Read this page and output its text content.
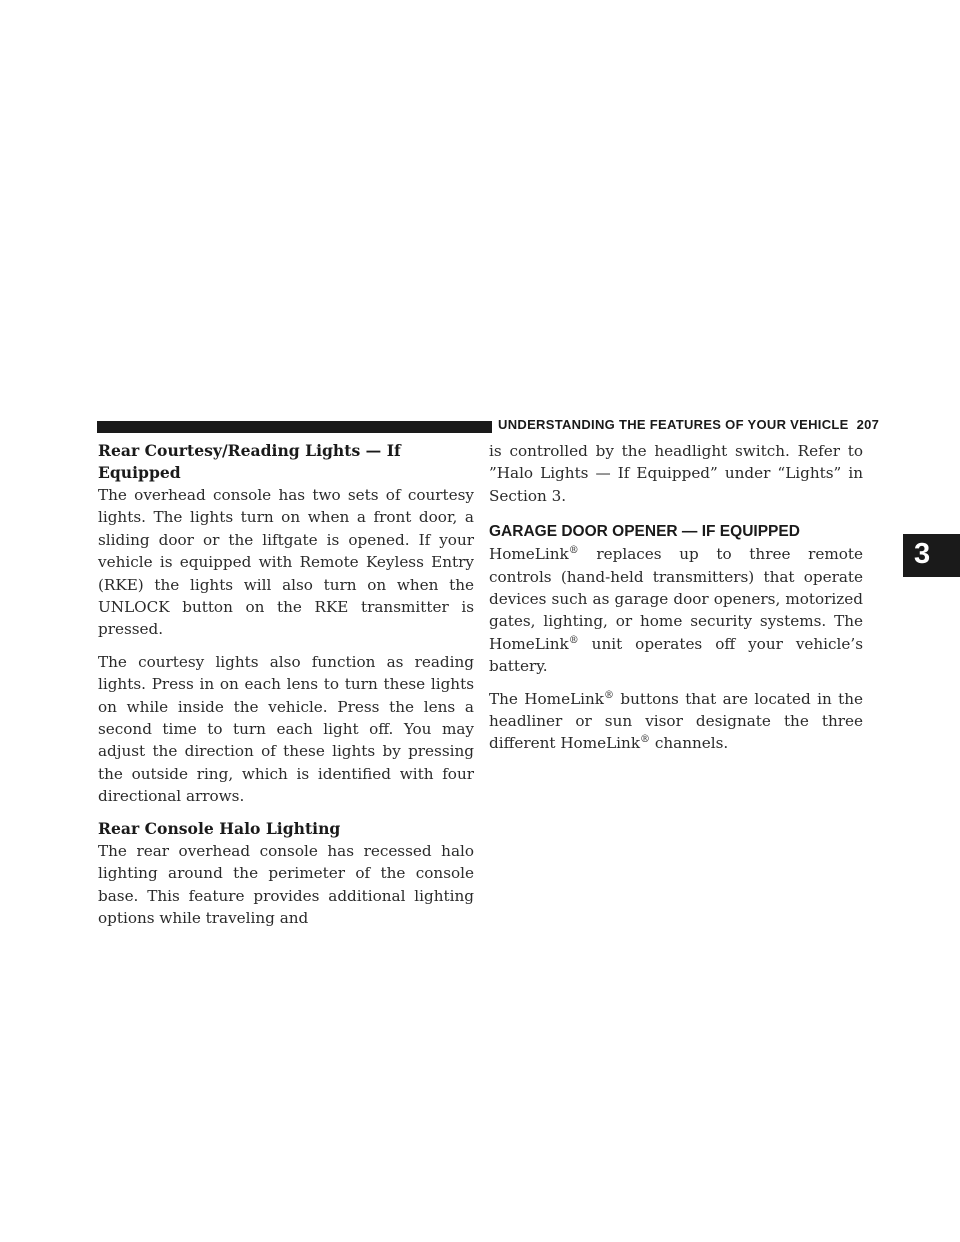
UNDERSTANDING THE FEATURES OF YOUR VEHICLE 207
3
Rear Courtesy/Reading Lights — If Equipped

The overhead console has two sets of courtesy lights. The lights turn on when a front door, a sliding door or the liftgate is opened. If your vehicle is equipped with Remote Keyless Entry (RKE) the lights will also turn on when the UNLOCK button on the RKE transmitter is pressed.

The courtesy lights also function as reading lights. Press in on each lens to turn these lights on while inside the vehicle. Press the lens a second time to turn each light off. You may adjust the direction of these lights by pressing the outside ring, which is identified with four directional arrows.

Rear Console Halo Lighting

The rear overhead console has recessed halo lighting around the perimeter of the console base. This feature provides additional lighting options while traveling and

is controlled by the headlight switch. Refer to ”Halo Lights — If Equipped” under “Lights” in Section 3.

GARAGE DOOR OPENER — IF EQUIPPED

HomeLink® replaces up to three remote controls (hand-held transmitters) that operate devices such as garage door openers, motorized gates, lighting, or home security systems. The HomeLink® unit operates off your vehicle’s battery.

The HomeLink® buttons that are located in the headliner or sun visor designate the three different HomeLink® channels.
